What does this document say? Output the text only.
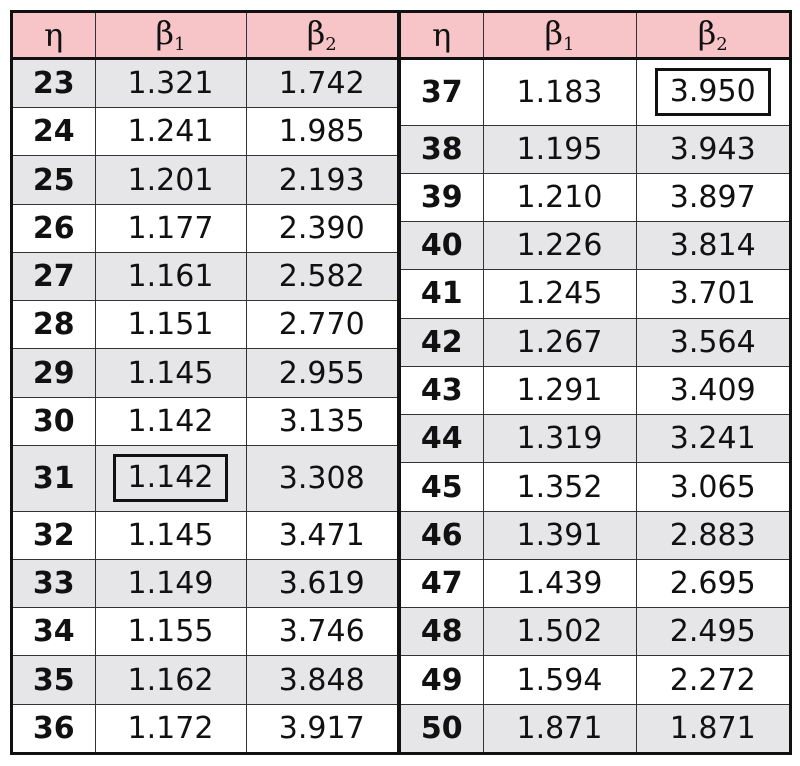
η	$\beta_1$	$\beta_2$
23	1.321	1.742
24	1.241	1.985
25	1.201	2.193
26	1.177	2.390
27	1.161	2.582
28	1.151	2.770
29	1.145	2.955
30	1.142	3.135
31	1.142	3.308
32	1.145	3.471
33	1.149	3.619
34	1.155	3.746
35	1.162	3.848
36	1.172	3.917
η	$\beta_1$	$\beta_2$
37	1.183	3.950
38	1.195	3.943
39	1.210	3.897
40	1.226	3.814
41	1.245	3.701
42	1.267	3.564
43	1.291	3.409
44	1.319	3.241
45	1.352	3.065
46	1.391	2.883
47	1.439	2.695
48	1.502	2.495
49	1.594	2.272
50	1.871	1.871
